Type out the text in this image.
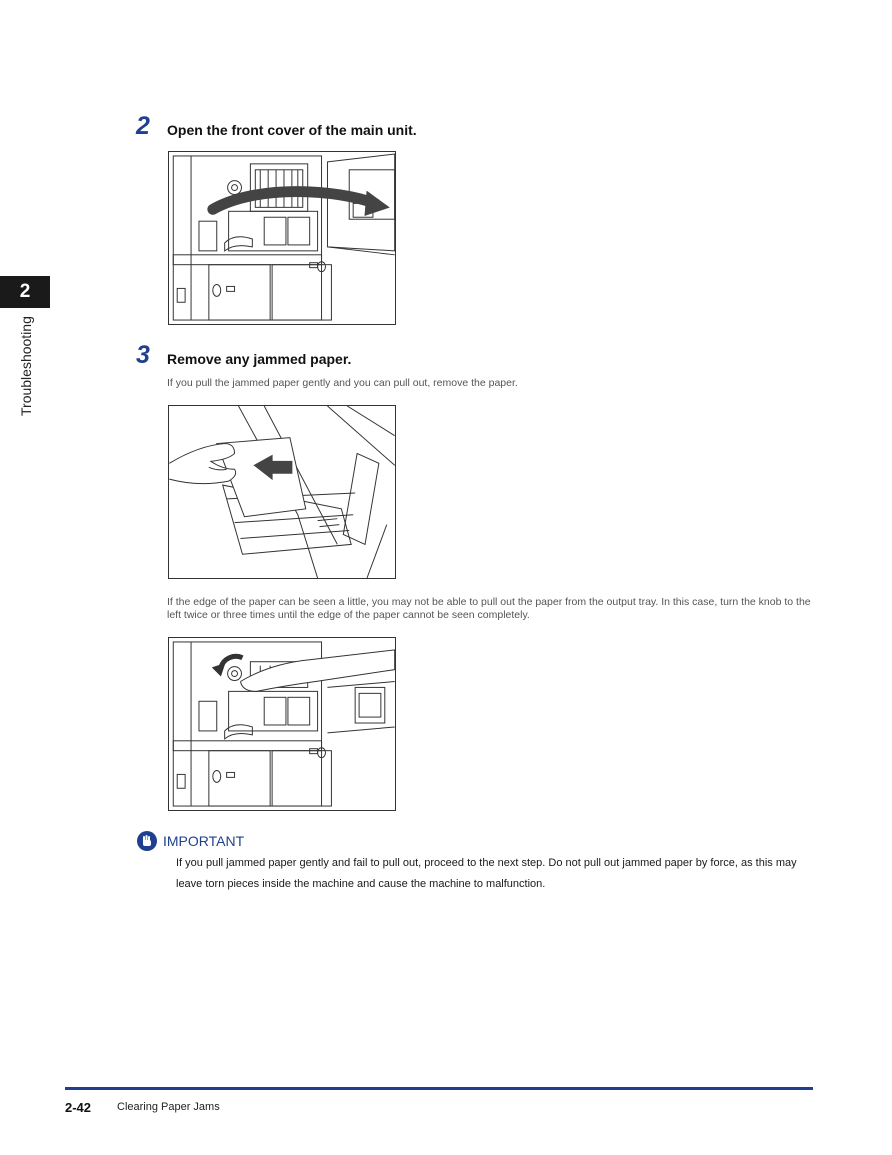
2
Troubleshooting
2 Open the front cover of the main unit.
3 Remove any jammed paper.
If you pull the jammed paper gently and you can pull out, remove the paper.
If the edge of the paper can be seen a little, you may not be able to pull out the paper from the output tray. In this case, turn the knob to the left twice or three times until the edge of the paper cannot be seen completely.
IMPORTANT
If you pull jammed paper gently and fail to pull out, proceed to the next step. Do not pull out jammed paper by force, as this may leave torn pieces inside the machine and cause the machine to malfunction.
2-42 Clearing Paper Jams
